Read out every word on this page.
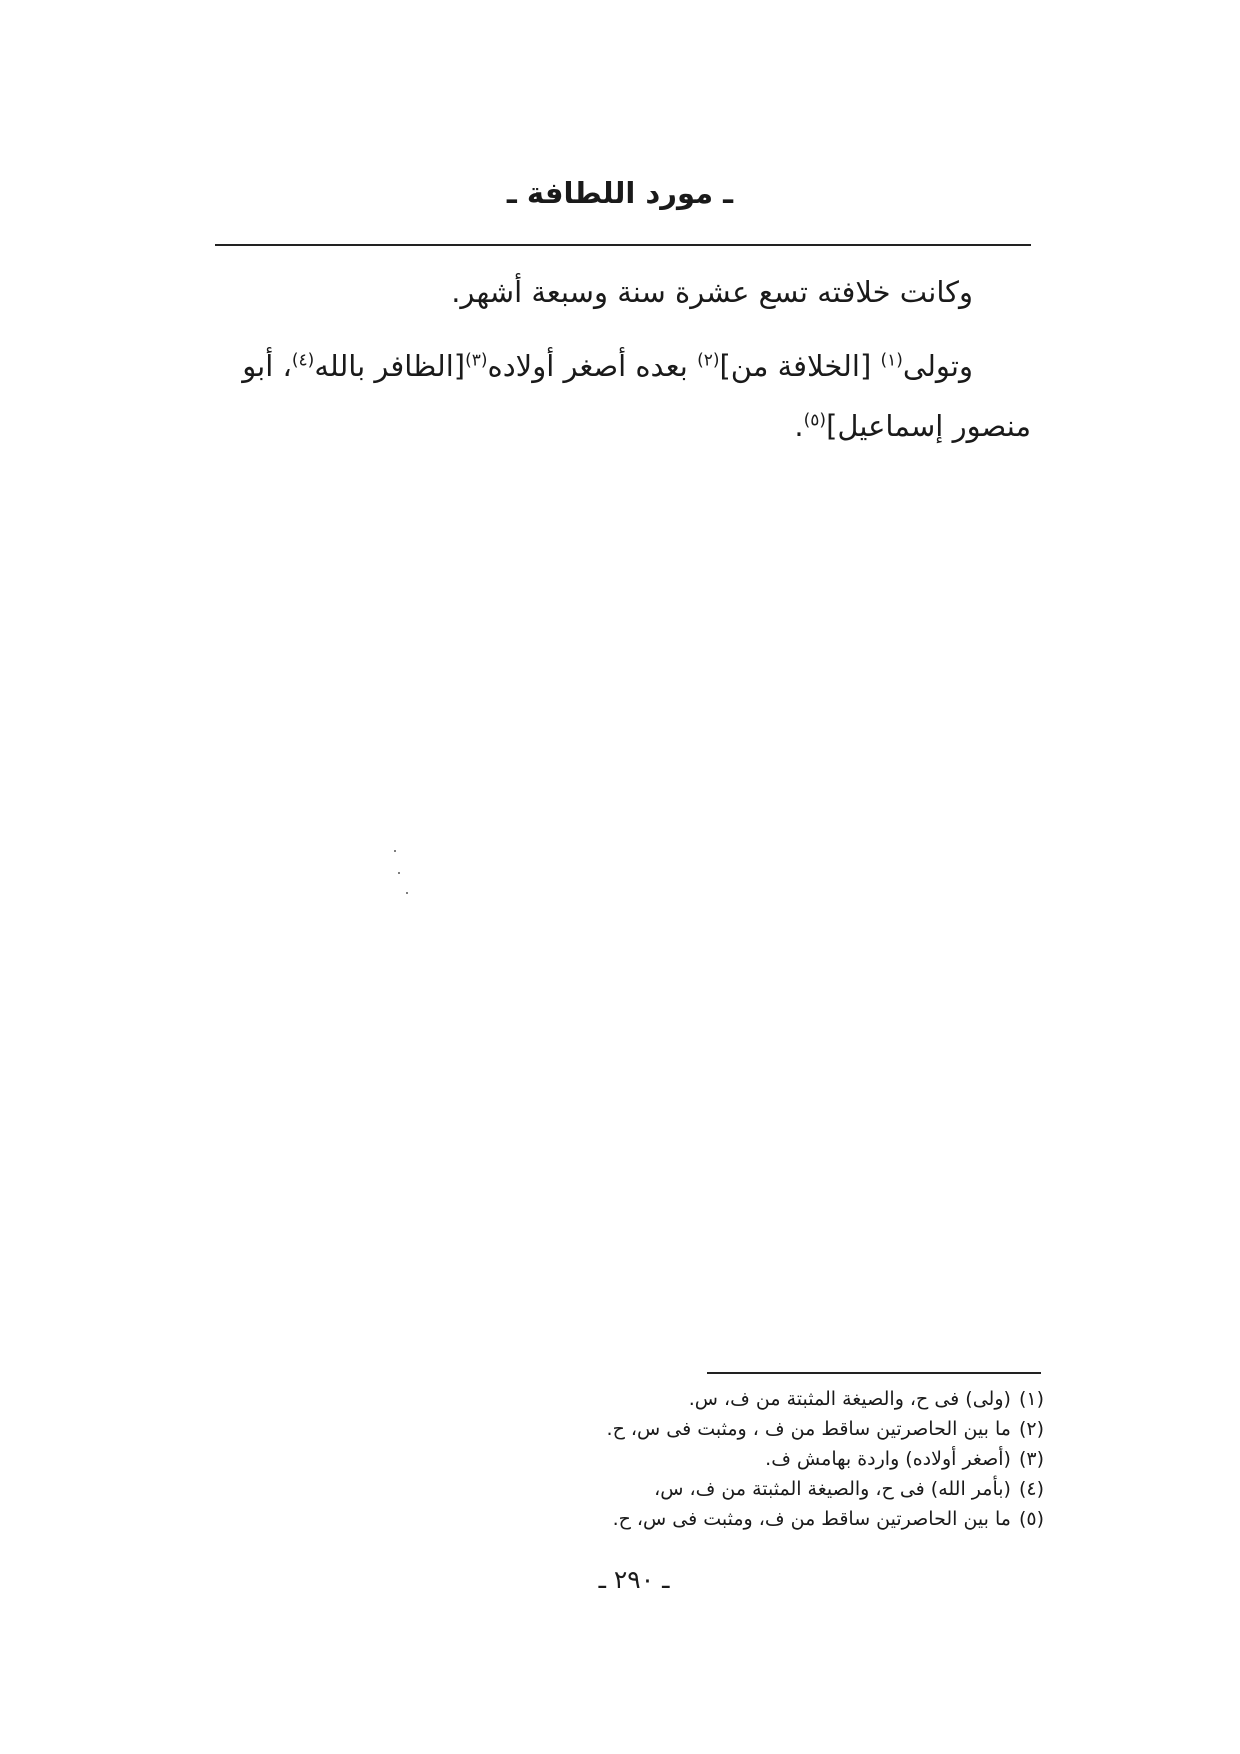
ـ مورد اللطافة ـ

وكانت خلافته تسع عشرة سنة وسبعة أشهر.

وتولى$^{(١)}$ [الخلافة من]$^{(٢)}$ بعده أصغر أولاده$^{(٣)}$[الظافر بالله$^{(٤)}$، أبو
منصور إسماعيل]$^{(٥)}$.

(١)(ولى) فى ح، والصيغة المثبتة من ف، س.
(٢)ما بين الحاصرتين ساقط من ف ، ومثبت فى س، ح.
(٣)(أصغر أولاده) واردة بهامش ف.
(٤)(بأمر الله) فى ح، والصيغة المثبتة من ف، س،
(٥)ما بين الحاصرتين ساقط من ف، ومثبت فى س، ح.
ـ ٢٩٠ ـ
